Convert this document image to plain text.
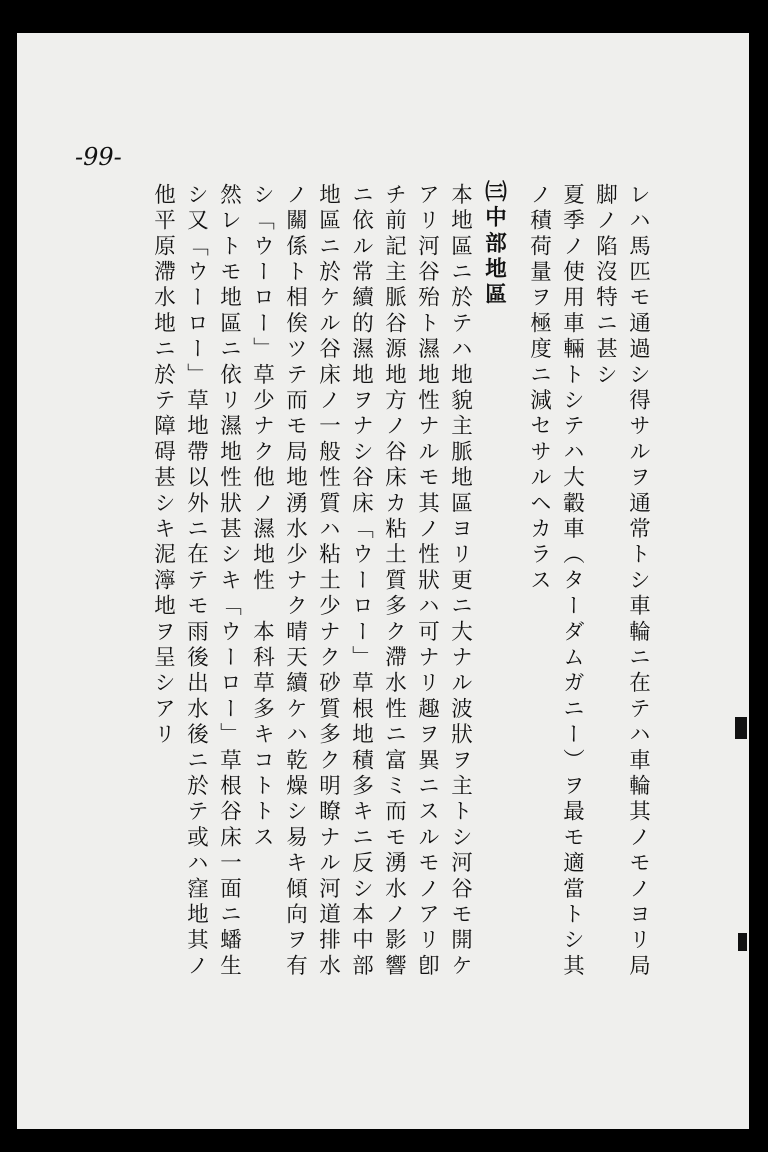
-99-
レハ馬匹モ通過シ得サルヲ通常トシ車輪ニ在テハ車輪其ノモノヨリ局
脚ノ陷沒特ニ甚シ
夏季ノ使用車輛トシテハ大轂車（ターダムガニー）ヲ最モ適當トシ其
ノ積荷量ヲ極度ニ減セサルヘカラス
㈢中部地區
本地區ニ於テハ地貌主脈地區ヨリ更ニ大ナル波狀ヲ主トシ河谷モ開ケ
アリ河谷殆ト濕地性ナルモ其ノ性狀ハ可ナリ趣ヲ異ニスルモノアリ卽
チ前記主脈谷源地方ノ谷床カ粘土質多ク滯水性ニ富ミ而モ湧水ノ影響
ニ依ル常續的濕地ヲナシ谷床「ウーロー」草根地積多キニ反シ本中部
地區ニ於ケル谷床ノ一般性質ハ粘土少ナク砂質多ク明瞭ナル河道排水
ノ關係ト相俟ツテ而モ局地湧水少ナク晴天續ケハ乾燥シ易キ傾向ヲ有
シ「ウーロー」草少ナク他ノ濕地性　本科草多キコトトス
然レトモ地區ニ依リ濕地性狀甚シキ「ウーロー」草根谷床一面ニ蟠生
シ又「ウーロー」草地帶以外ニ在テモ雨後出水後ニ於テ或ハ窪地其ノ
他平原滯水地ニ於テ障碍甚シキ泥濘地ヲ呈シアリ
